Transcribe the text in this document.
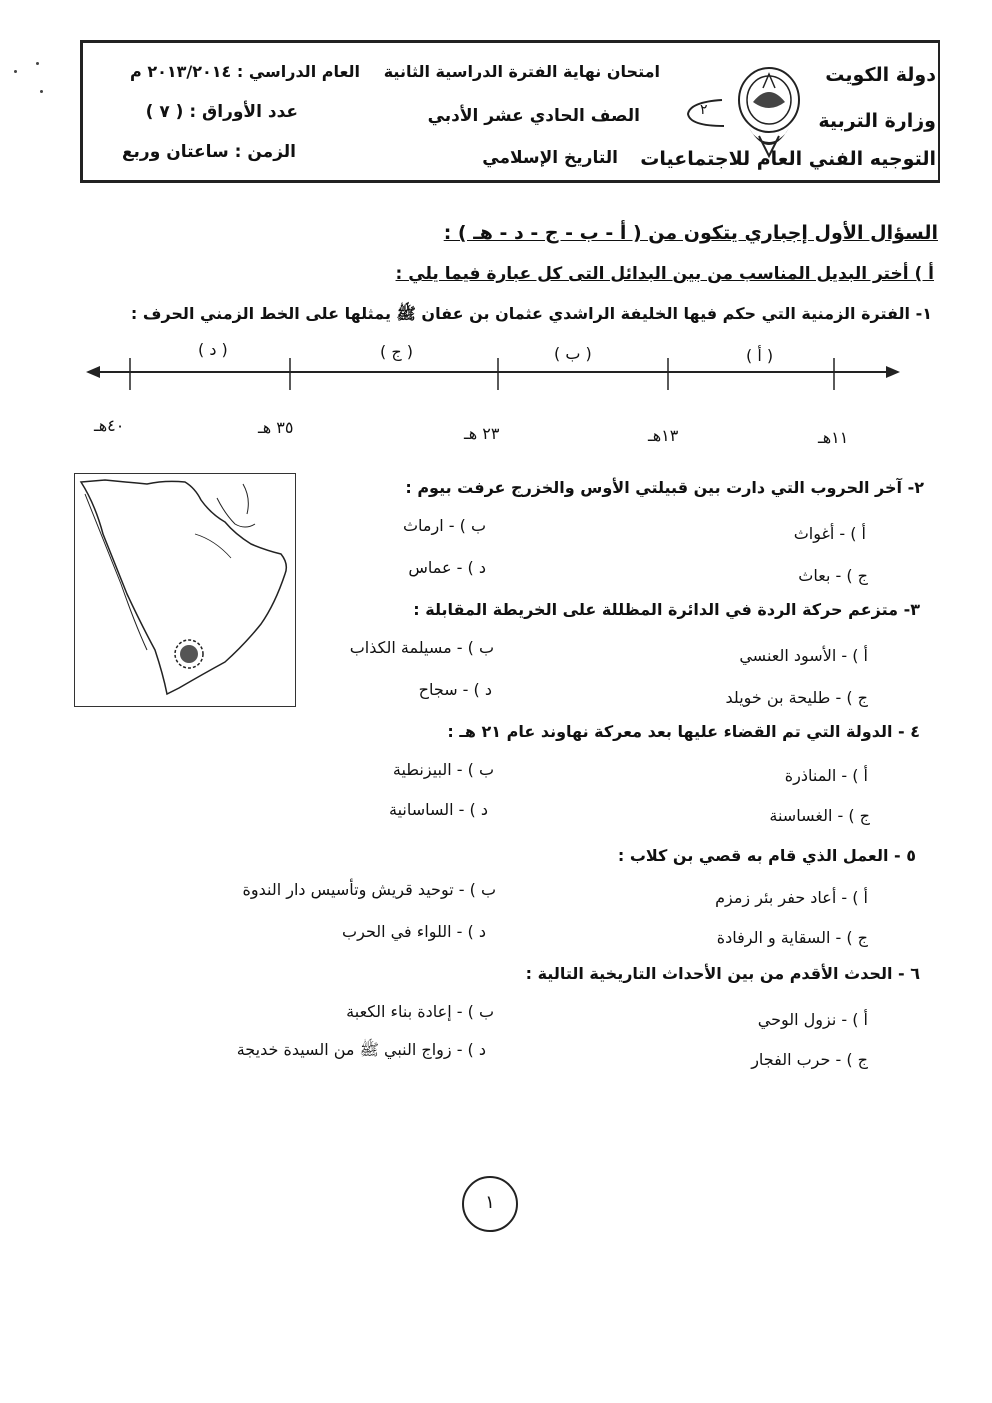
٢
دولة الكويت
وزارة التربية
التوجيه الفني العام للاجتماعيات
امتحان نهاية الفترة الدراسية الثانية
الصف الحادي عشر الأدبي
التاريخ الإسلامي
العام الدراسي : ٢٠١٣/٢٠١٤ م
عدد الأوراق : ( ٧ )
الزمن : ساعتان وربع
السؤال الأول إجباري يتكون من ( أ - ب - ج - د - هـ ) :
أ ) أختر البديل المناسب من بين البدائل التى كل عبارة فيما يلي :
١- الفترة الزمنية التي حكم فيها الخليفة الراشدي عثمان بن عفان ﷺ يمثلها على الخط الزمني الحرف :
( أ )
( ب )
( ج )
( د )
١١هـ
١٣هـ
٢٣ هـ
٣٥ هـ
٤٠هـ
٢- آخر الحروب التي دارت بين قبيلتي الأوس والخزرج عرفت بيوم :
أ ) - أغواث
ب ) - ارماث
ج ) - بعاث
د ) - عماس
٣- متزعم حركة الردة في الدائرة المظللة على الخريطة المقابلة :
أ ) - الأسود العنسي
ب ) - مسيلمة الكذاب
ج ) - طليحة بن خويلد
د ) - سجاح
٤ - الدولة التي تم القضاء عليها بعد معركة نهاوند عام ٢١ هـ :
أ ) - المناذرة
ب ) - البيزنطية
ج ) - الغساسنة
د ) - الساسانية
٥ - العمل الذي قام به قصي بن كلاب :
أ ) - أعاد حفر بئر زمزم
ب ) - توحيد قريش وتأسيس دار الندوة
ج ) - السقاية و الرفادة
د ) - اللواء في الحرب
٦ - الحدث الأقدم من بين الأحداث التاريخية التالية :
أ ) - نزول الوحي
ب ) - إعادة بناء الكعبة
ج ) - حرب الفجار
د ) - زواج النبي ﷺ من السيدة خديجة
١
